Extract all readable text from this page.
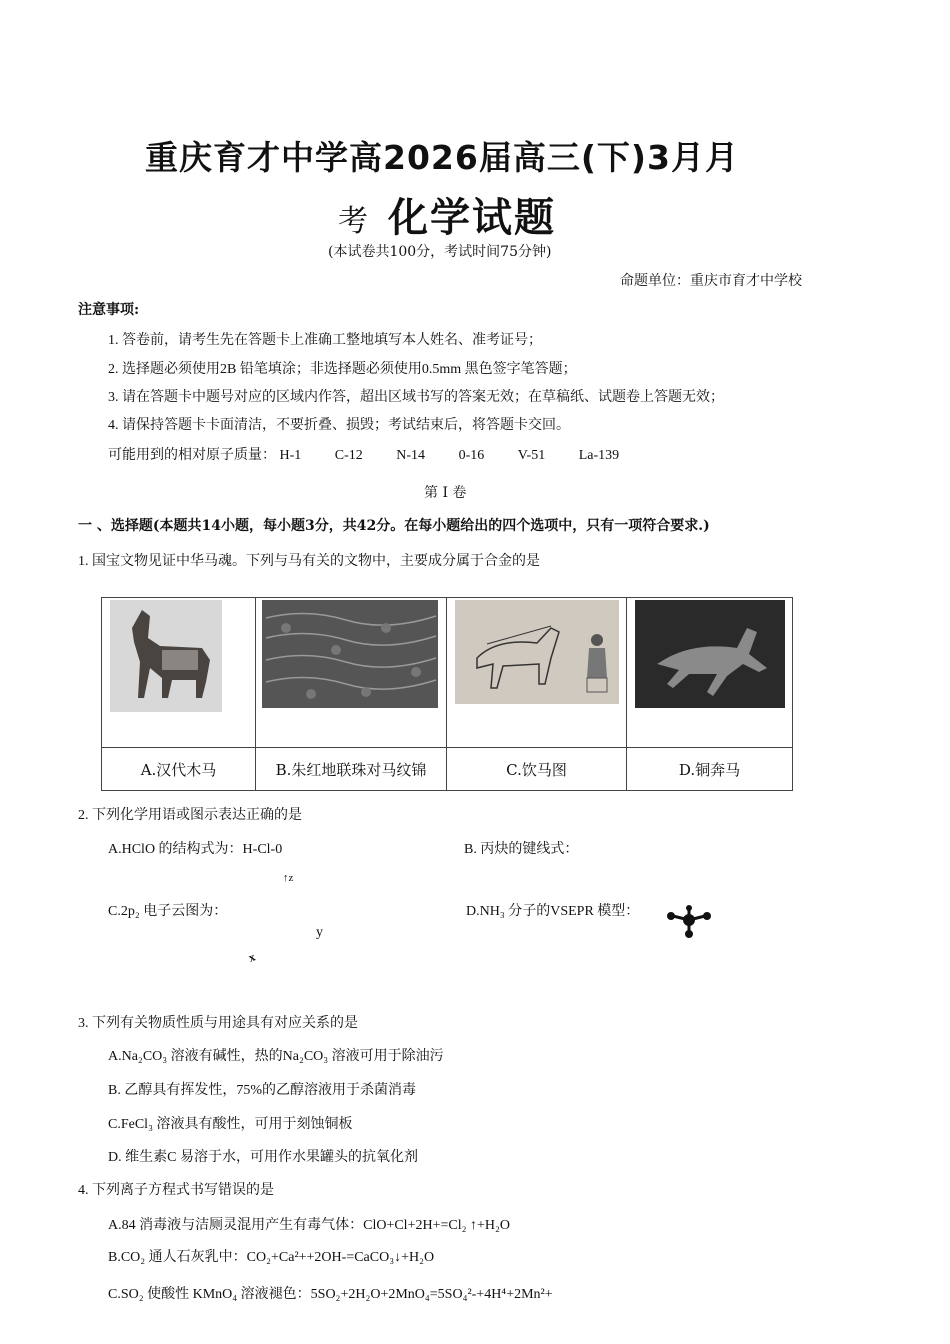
重庆育才中学高2026届高三(下)3月月
考 化学试题
(本试卷共100分，考试时间75分钟)
命题单位：重庆市育才中学校
注意事项:
1. 答卷前，请考生先在答题卡上准确工整地填写本人姓名、准考证号；
2. 选择题必须使用2B 铅笔填涂；非选择题必须使用0.5mm 黑色签字笔答题；
3. 请在答题卡中题号对应的区域内作答，超出区域书写的答案无效；在草稿纸、试题卷上答题无效；
4. 请保持答题卡卡面清洁，不要折叠、损毁；考试结束后，将答题卡交回。
可能用到的相对原子质量： H-1 C-12 N-14 0-16 V-51 La-139
第 I 卷
一 、选择题(本题共14小题，每小题3分，共42分。在每小题给出的四个选项中，只有一项符合要求.)
1. 国宝文物见证中华马魂。下列与马有关的文物中，主要成分属于合金的是

A.汉代木马	B.朱红地联珠对马纹锦	C.饮马图	D.铜奔马
2. 下列化学用语或图示表达正确的是
A.HClO 的结构式为：H-Cl-0	B. 丙炔的键线式：
↑z
C.2p₂ 电子云图为：	D.NH₃ 分子的VSEPR 模型：
y
x
3. 下列有关物质性质与用途具有对应关系的是
A.Na₂CO₃ 溶液有碱性，热的Na₂CO₃ 溶液可用于除油污
B. 乙醇具有挥发性，75%的乙醇溶液用于杀菌消毒
C.FeCl₃ 溶液具有酸性，可用于刻蚀铜板
D. 维生素C 易溶于水，可用作水果罐头的抗氧化剂
4. 下列离子方程式书写错误的是
A.84 消毒液与洁厕灵混用产生有毒气体：ClO+Cl+2H+=Cl₂ ↑+H₂O
B.CO₂ 通人石灰乳中：CO₂+Ca²++2OH-=CaCO₃↓+H₂O
C.SO₂ 使酸性 KMnO₄ 溶液褪色：5SO₂+2H₂O+2MnO₄=5SO₄²-+4H⁴+2Mn²+
